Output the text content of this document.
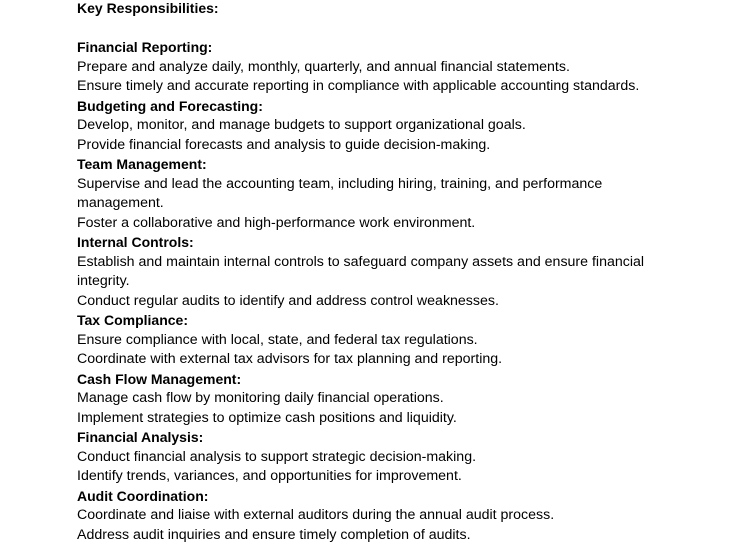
Key Responsibilities:
Financial Reporting:
Prepare and analyze daily, monthly, quarterly, and annual financial statements.
Ensure timely and accurate reporting in compliance with applicable accounting standards.
Budgeting and Forecasting:
Develop, monitor, and manage budgets to support organizational goals.
Provide financial forecasts and analysis to guide decision-making.
Team Management:
Supervise and lead the accounting team, including hiring, training, and performance
management.
Foster a collaborative and high-performance work environment.
Internal Controls:
Establish and maintain internal controls to safeguard company assets and ensure financial
integrity.
Conduct regular audits to identify and address control weaknesses.
Tax Compliance:
Ensure compliance with local, state, and federal tax regulations.
Coordinate with external tax advisors for tax planning and reporting.
Cash Flow Management:
Manage cash flow by monitoring daily financial operations.
Implement strategies to optimize cash positions and liquidity.
Financial Analysis:
Conduct financial analysis to support strategic decision-making.
Identify trends, variances, and opportunities for improvement.
Audit Coordination:
Coordinate and liaise with external auditors during the annual audit process.
Address audit inquiries and ensure timely completion of audits.
